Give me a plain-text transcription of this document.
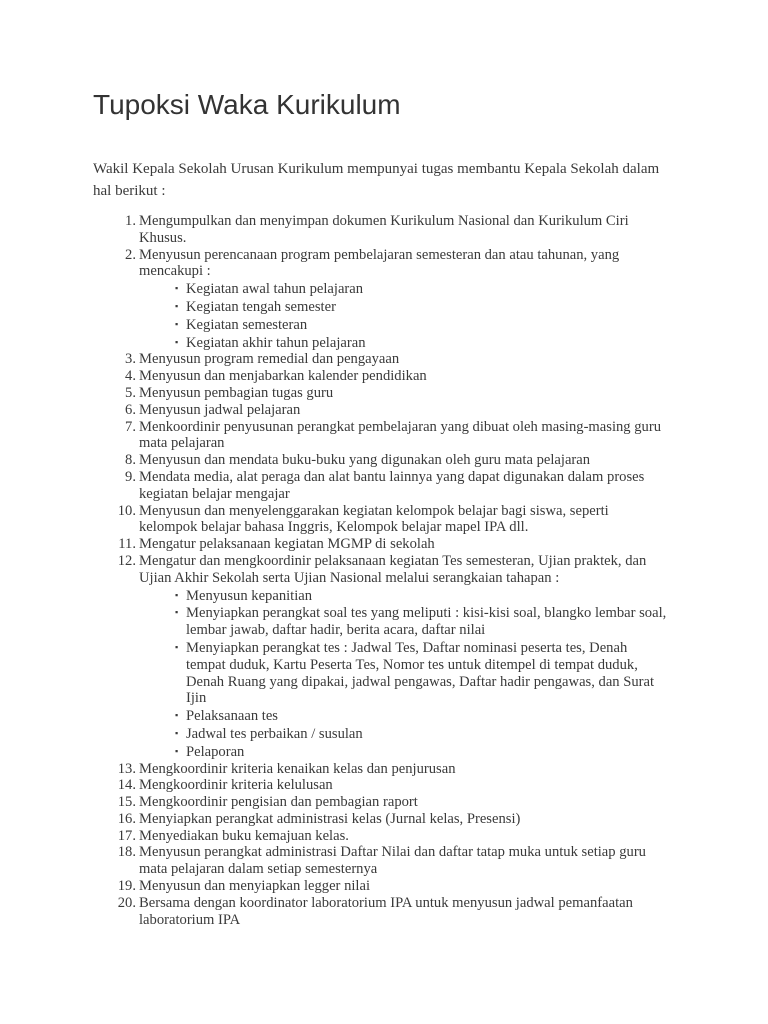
Tupoksi Waka Kurikulum

Wakil Kepala Sekolah Urusan Kurikulum mempunyai tugas membantu Kepala Sekolah dalam hal berikut :

1. Mengumpulkan dan menyimpan dokumen Kurikulum Nasional dan Kurikulum Ciri Khusus.
2. Menyusun perencanaan program pembelajaran semesteran dan atau tahunan, yang mencakupi :
▪ Kegiatan awal tahun pelajaran
▪ Kegiatan tengah semester
▪ Kegiatan semesteran
▪ Kegiatan akhir tahun pelajaran
3. Menyusun program remedial dan pengayaan
4. Menyusun dan menjabarkan kalender pendidikan
5. Menyusun pembagian tugas guru
6. Menyusun jadwal pelajaran
7. Menkoordinir penyusunan perangkat pembelajaran yang dibuat oleh masing-masing guru mata pelajaran
8. Menyusun dan mendata buku-buku yang digunakan oleh guru mata pelajaran
9. Mendata media, alat peraga dan alat bantu lainnya yang dapat digunakan dalam proses kegiatan belajar mengajar
10. Menyusun dan menyelenggarakan kegiatan kelompok belajar bagi siswa, seperti kelompok belajar bahasa Inggris, Kelompok belajar mapel IPA dll.
11. Mengatur pelaksanaan kegiatan MGMP di sekolah
12. Mengatur dan mengkoordinir pelaksanaan kegiatan Tes semesteran, Ujian praktek, dan Ujian Akhir Sekolah serta Ujian Nasional melalui serangkaian tahapan :
▪ Menyusun kepanitian
▪ Menyiapkan perangkat soal tes yang meliputi : kisi-kisi soal, blangko lembar soal, lembar jawab, daftar hadir, berita acara, daftar nilai
▪ Menyiapkan perangkat tes : Jadwal Tes, Daftar nominasi peserta tes, Denah tempat duduk, Kartu Peserta Tes, Nomor tes untuk ditempel di tempat duduk, Denah Ruang yang dipakai, jadwal pengawas, Daftar hadir pengawas, dan Surat Ijin
▪ Pelaksanaan tes
▪ Jadwal tes perbaikan / susulan
▪ Pelaporan
13. Mengkoordinir kriteria kenaikan kelas dan penjurusan
14. Mengkoordinir kriteria kelulusan
15. Mengkoordinir pengisian dan pembagian raport
16. Menyiapkan perangkat administrasi kelas (Jurnal kelas, Presensi)
17. Menyediakan buku kemajuan kelas.
18. Menyusun perangkat administrasi Daftar Nilai dan daftar tatap muka untuk setiap guru mata pelajaran dalam setiap semesternya
19. Menyusun dan menyiapkan legger nilai
20. Bersama dengan koordinator laboratorium IPA untuk menyusun jadwal pemanfaatan laboratorium IPA
